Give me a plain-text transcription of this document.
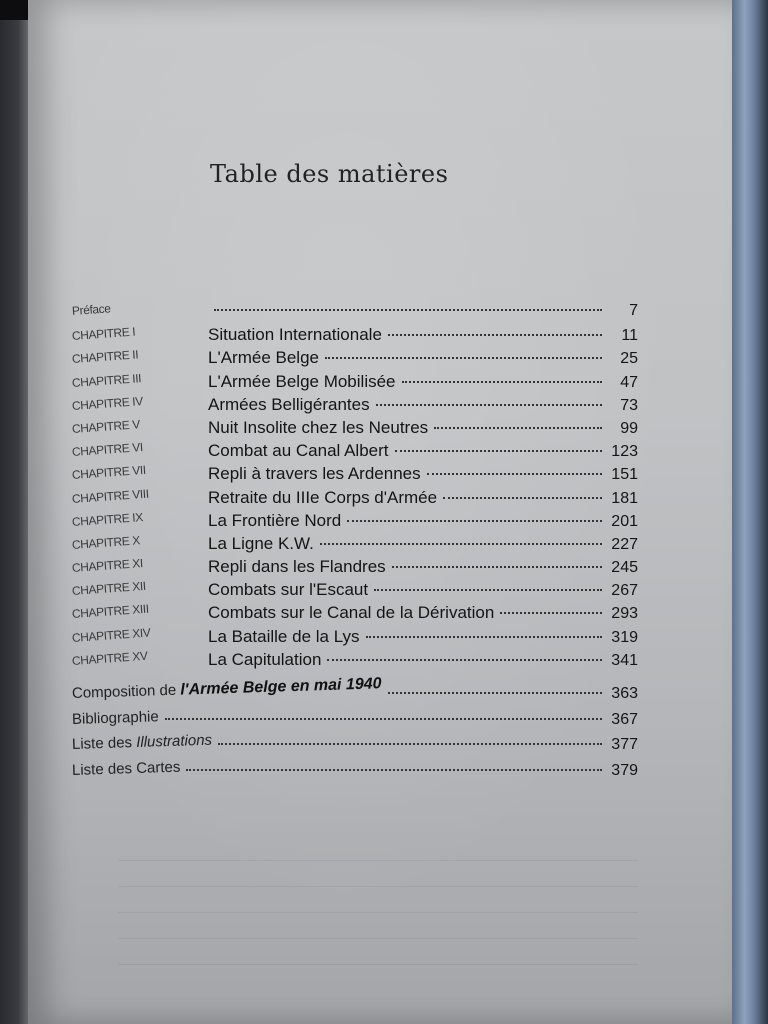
Table des matières
Préface	7
CHAPITRE I	Situation Internationale	11
CHAPITRE II	L'Armée Belge	25
CHAPITRE III	L'Armée Belge Mobilisée	47
CHAPITRE IV	Armées Belligérantes	73
CHAPITRE V	Nuit Insolite chez les Neutres	99
CHAPITRE VI	Combat au Canal Albert	123
CHAPITRE VII	Repli à travers les Ardennes	151
CHAPITRE VIII	Retraite du IIIe Corps d'Armée	181
CHAPITRE IX	La Frontière Nord	201
CHAPITRE X	La Ligne K.W.	227
CHAPITRE XI	Repli dans les Flandres	245
CHAPITRE XII	Combats sur l'Escaut	267
CHAPITRE XIII	Combats sur le Canal de la Dérivation	293
CHAPITRE XIV	La Bataille de la Lys	319
CHAPITRE XV	La Capitulation	341
Composition de l'Armée Belge en mai 1940	363
Bibliographie	367
Liste des Illustrations	377
Liste des Cartes	379
